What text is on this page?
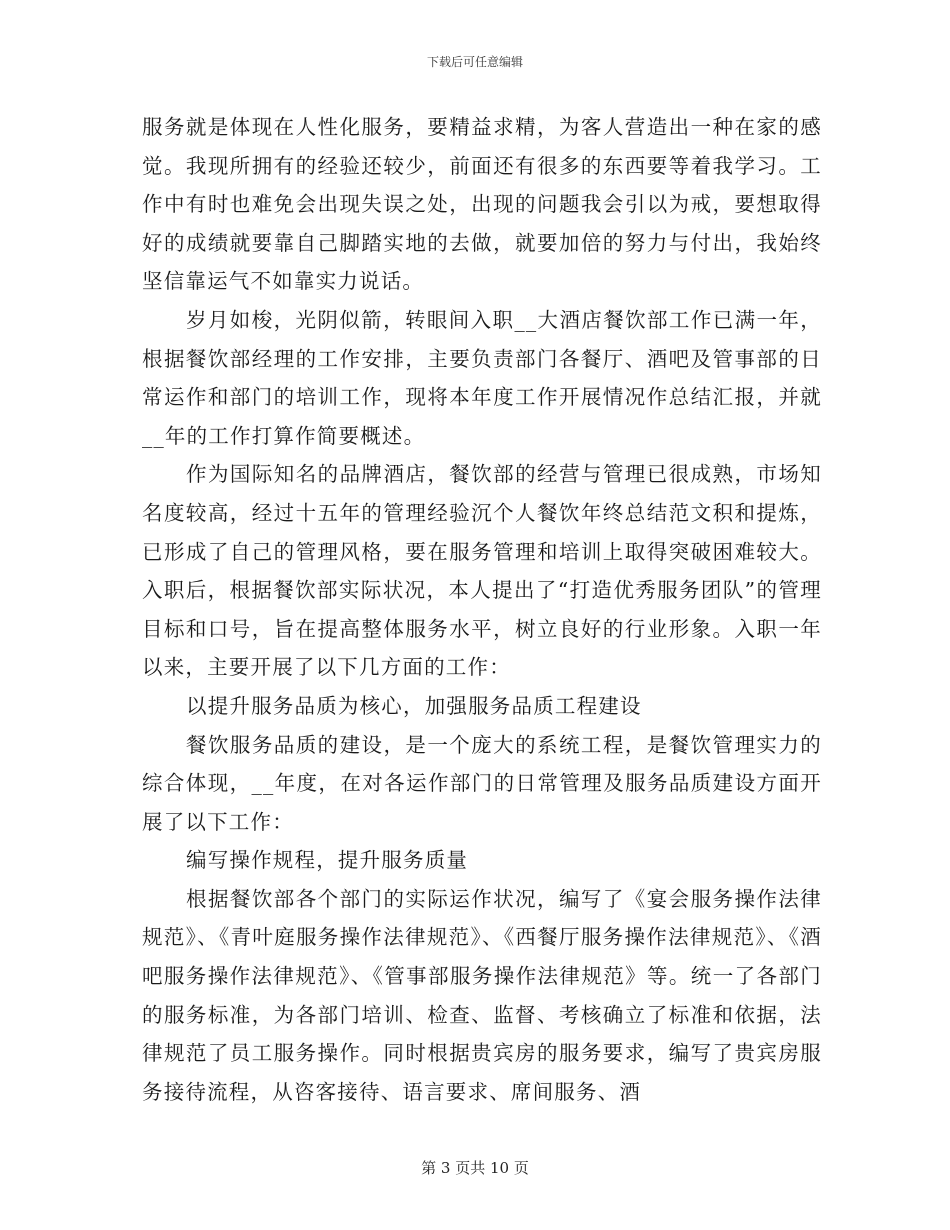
下载后可任意编辑

服务就是体现在人性化服务，要精益求精，为客人营造出一种在家的感觉。我现所拥有的经验还较少，前面还有很多的东西要等着我学习。工作中有时也难免会出现失误之处，出现的问题我会引以为戒，要想取得好的成绩就要靠自己脚踏实地的去做，就要加倍的努力与付出，我始终坚信靠运气不如靠实力说话。

岁月如梭，光阴似箭，转眼间入职__大酒店餐饮部工作已满一年，根据餐饮部经理的工作安排，主要负责部门各餐厅、酒吧及管事部的日常运作和部门的培训工作，现将本年度工作开展情况作总结汇报，并就__年的工作打算作简要概述。

作为国际知名的品牌酒店，餐饮部的经营与管理已很成熟，市场知名度较高，经过十五年的管理经验沉个人餐饮年终总结范文积和提炼，已形成了自己的管理风格，要在服务管理和培训上取得突破困难较大。入职后，根据餐饮部实际状况，本人提出了“打造优秀服务团队”的管理目标和口号，旨在提高整体服务水平，树立良好的行业形象。入职一年以来，主要开展了以下几方面的工作：

以提升服务品质为核心，加强服务品质工程建设

餐饮服务品质的建设，是一个庞大的系统工程，是餐饮管理实力的综合体现，__年度，在对各运作部门的日常管理及服务品质建设方面开展了以下工作：

编写操作规程，提升服务质量

根据餐饮部各个部门的实际运作状况，编写了《宴会服务操作法律规范》、《青叶庭服务操作法律规范》、《西餐厅服务操作法律规范》、《酒吧服务操作法律规范》、《管事部服务操作法律规范》等。统一了各部门的服务标准，为各部门培训、检查、监督、考核确立了标准和依据，法律规范了员工服务操作。同时根据贵宾房的服务要求，编写了贵宾房服务接待流程，从咨客接待、语言要求、席间服务、酒

第 3 页共 10 页
